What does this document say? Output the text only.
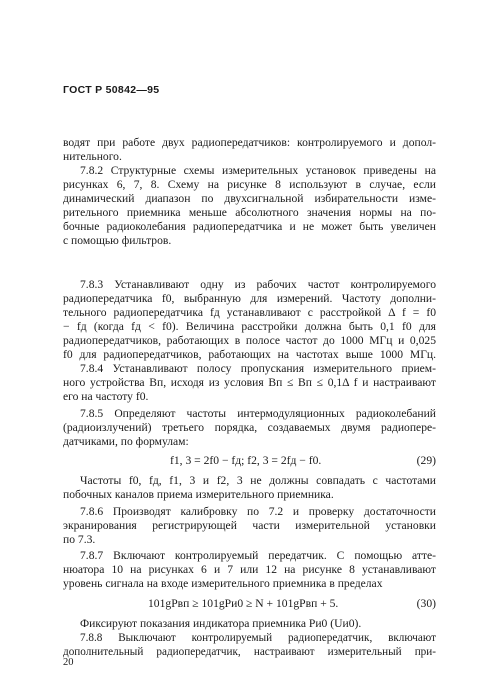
ГОСТ Р 50842—95
водят при работе двух радиопередатчиков: контролируемого и допол-
нительного.
7.8.2 Структурные схемы измерительных установок приведены на
рисунках 6, 7, 8. Схему на рисунке 8 используют в случае, если
динамический диапазон по двухсигнальной избирательности изме-
рительного приемника меньше абсолютного значения нормы на по-
бочные радиоколебания радиопередатчика и не может быть увеличен
с помощью фильтров.
7.8.3 Устанавливают одну из рабочих частот контролируемого
радиопередатчика f0, выбранную для измерений. Частоту дополни-
тельного радиопередатчика fд устанавливают с расстройкой Δ f = f0
− fд (когда fд < f0). Величина расстройки должна быть 0,1 f0 для
радиопередатчиков, работающих в полосе частот до 1000 МГц и 0,025
f0 для радиопередатчиков, работающих на частотах выше 1000 МГц.
7.8.4 Устанавливают полосу пропускания измерительного прием-
ного устройства Bп, исходя из условия Bп ≤ Bп ≤ 0,1Δ f и настраивают
его на частоту f0.
7.8.5 Определяют частоты интермодуляционных радиоколебаний
(радиоизлучений) третьего порядка, создаваемых двумя радиопере-
датчиками, по формулам:
f1, 3 = 2f0 − fд; f2, 3 = 2fд − f0.	(29)
Частоты f0, fд, f1, 3 и f2, 3 не должны совпадать с частотами
побочных каналов приема измерительного приемника.
7.8.6 Производят калибровку по 7.2 и проверку достаточности
экранирования регистрирующей части измерительной установки
по 7.3.
7.8.7 Включают контролируемый передатчик. С помощью атте-
нюатора 10 на рисунках 6 и 7 или 12 на рисунке 8 устанавливают
уровень сигнала на входе измерительного приемника в пределах
101gPвп ≥ 101gPи0 ≥ N + 101gPвп + 5.	(30)
Фиксируют показания индикатора приемника Pи0 (Uи0).
7.8.8 Выключают контролируемый радиопередатчик, включают
дополнительный радиопередатчик, настраивают измерительный при-
20
